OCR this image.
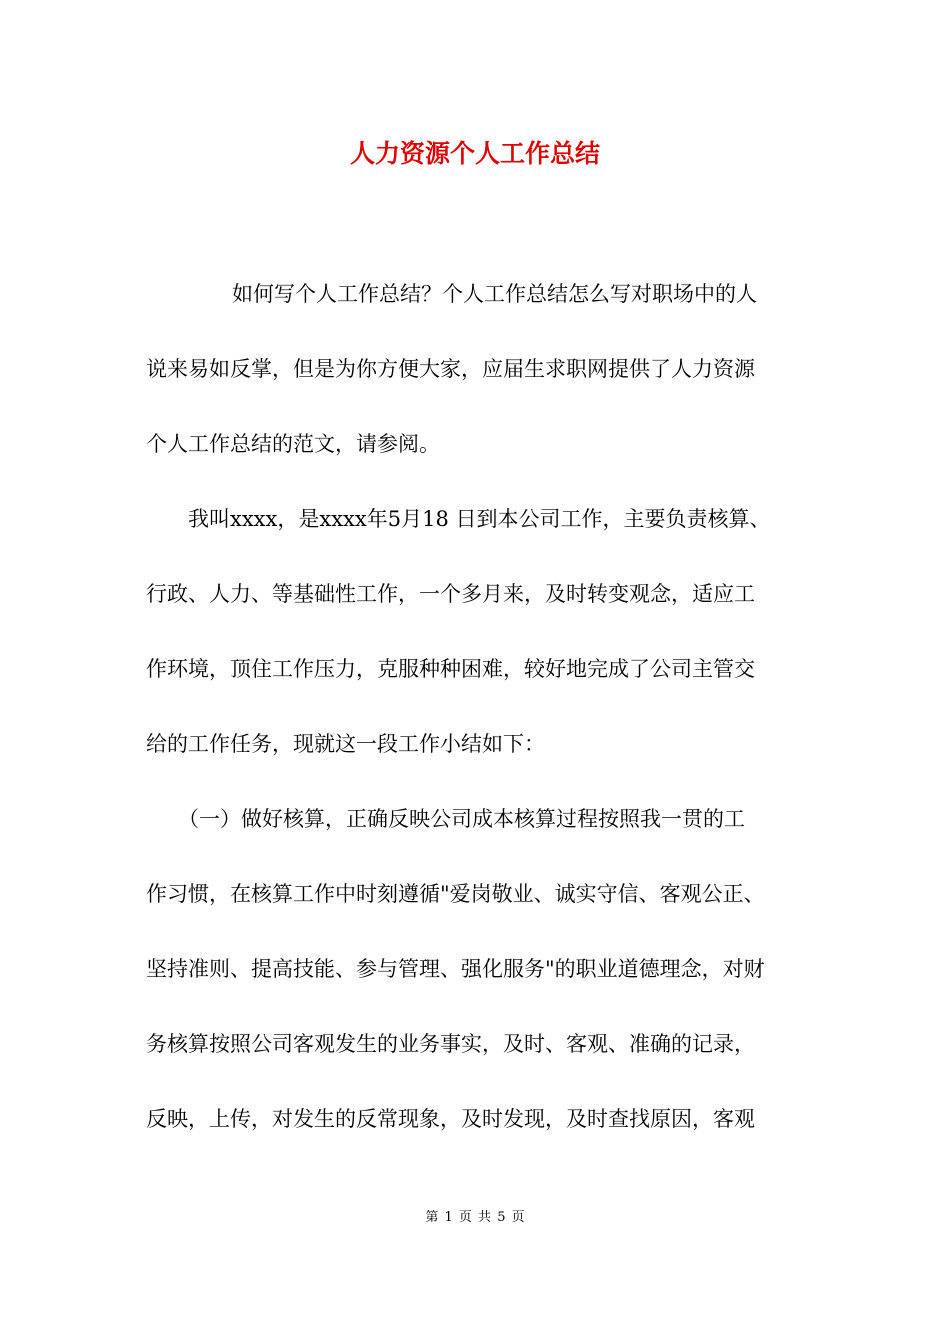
人力资源个人工作总结
如何写个人工作总结？个人工作总结怎么写对职场中的人
说来易如反掌，但是为你方便大家，应届生求职网提供了人力资源
个人工作总结的范文，请参阅。
我叫xxxx，是xxxx年5月18 日到本公司工作，主要负责核算、
行政、人力、等基础性工作，一个多月来，及时转变观念，适应工
作环境，顶住工作压力，克服种种困难，较好地完成了公司主管交
给的工作任务，现就这一段工作小结如下：
（一）做好核算，正确反映公司成本核算过程按照我一贯的工
作习惯，在核算工作中时刻遵循"爱岗敬业、诚实守信、客观公正、
坚持准则、提高技能、参与管理、强化服务"的职业道德理念，对财
务核算按照公司客观发生的业务事实，及时、客观、准确的记录，
反映，上传，对发生的反常现象，及时发现，及时查找原因，客观
第 1 页 共 5 页
